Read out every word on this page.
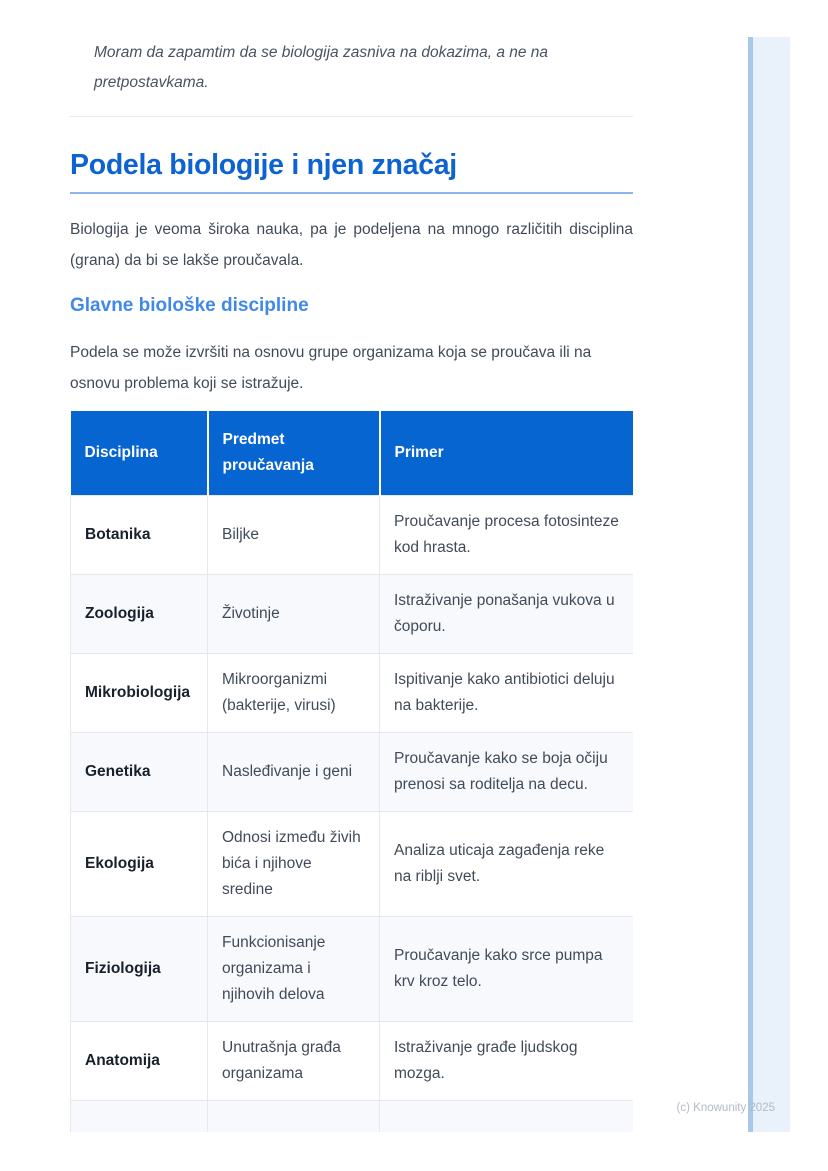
Moram da zapamtim da se biologija zasniva na dokazima, a ne na pretpostavkama.

Podela biologije i njen značaj

Biologija je veoma široka nauka, pa je podeljena na mnogo različitih disciplina (grana) da bi se lakše proučavala.

Glavne biološke discipline

Podela se može izvršiti na osnovu grupe organizama koja se proučava ili na osnovu problema koji se istražuje.

Disciplina	Predmet proučavanja	Primer
Botanika	Biljke	Proučavanje procesa fotosinteze kod hrasta.
Zoologija	Životinje	Istraživanje ponašanja vukova u čoporu.
Mikrobiologija	Mikroorganizmi (bakterije, virusi)	Ispitivanje kako antibiotici deluju na bakterije.
Genetika	Nasleđivanje i geni	Proučavanje kako se boja očiju prenosi sa roditelja na decu.
Ekologija	Odnosi između živih bića i njihove sredine	Analiza uticaja zagađenja reke na riblji svet.
Fiziologija	Funkcionisanje organizama i njihovih delova	Proučavanje kako srce pumpa krv kroz telo.
Anatomija	Unutrašnja građa organizama	Istraživanje građe ljudskog mozga.

(c) Knowunity 2025
